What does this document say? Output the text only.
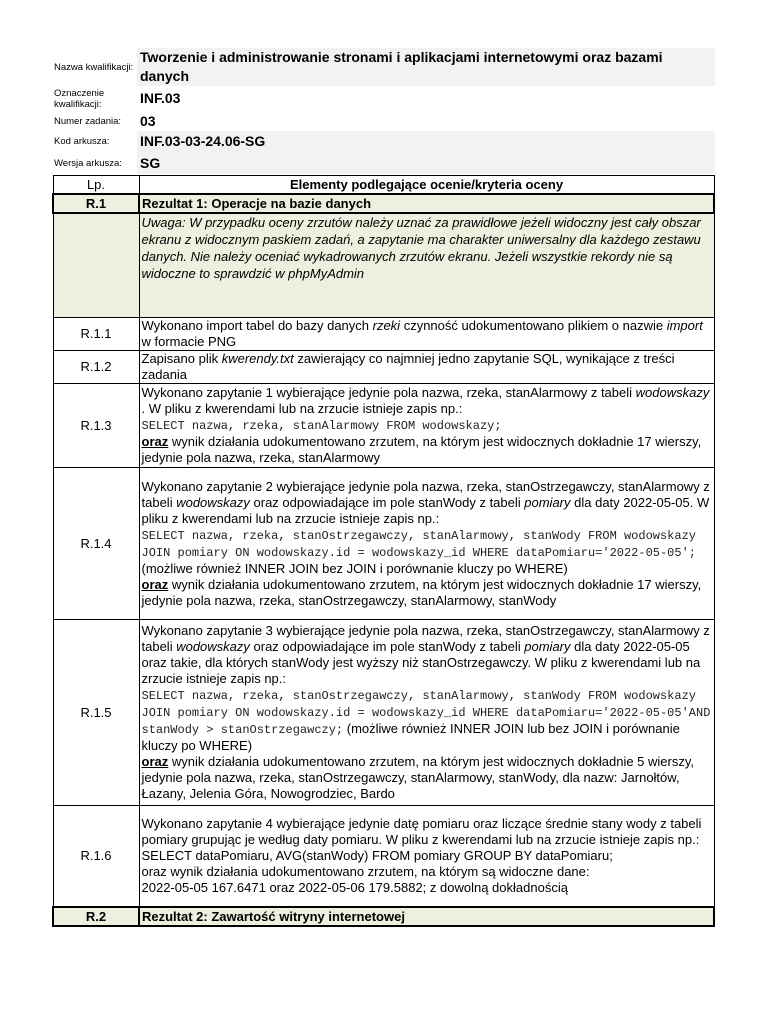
Nazwa kwalifikacji:	Tworzenie i administrowanie stronami i aplikacjami internetowymi oraz bazami danych
Oznaczenie kwalifikacji:	INF.03
Numer zadania:	03
Kod arkusza:	INF.03-03-24.06-SG
Wersja arkusza:	SG
Lp.	Elementy podlegające ocenie/kryteria oceny
R.1	Rezultat 1: Operacje na bazie danych
	Uwaga: W przypadku oceny zrzutów należy uznać za prawidłowe jeżeli widoczny jest cały obszar ekranu z widocznym paskiem zadań, a zapytanie ma charakter uniwersalny dla każdego zestawu danych. Nie należy oceniać wykadrowanych zrzutów ekranu. Jeżeli wszystkie rekordy nie są widoczne to sprawdzić w phpMyAdmin
R.1.1	Wykonano import tabel do bazy danych rzeki czynność udokumentowano plikiem o nazwie import w formacie PNG
R.1.2	Zapisano plik kwerendy.txt zawierający co najmniej jedno zapytanie SQL, wynikające z treści zadania
R.1.3	Wykonano zapytanie 1 wybierające jedynie pola nazwa, rzeka, stanAlarmowy z tabeli wodowskazy . W pliku z kwerendami lub na zrzucie istnieje zapis np.:
SELECT nazwa, rzeka, stanAlarmowy FROM wodowskazy;
oraz wynik działania udokumentowano zrzutem, na którym jest widocznych dokładnie 17 wierszy, jedynie pola nazwa, rzeka, stanAlarmowy
R.1.4	Wykonano zapytanie 2 wybierające jedynie pola nazwa, rzeka, stanOstrzegawczy, stanAlarmowy z tabeli wodowskazy oraz odpowiadające im pole stanWody z tabeli pomiary dla daty 2022-05-05. W pliku z kwerendami lub na zrzucie istnieje zapis np.:
SELECT nazwa, rzeka, stanOstrzegawczy, stanAlarmowy, stanWody FROM wodowskazy JOIN pomiary ON wodowskazy.id = wodowskazy_id WHERE dataPomiaru='2022-05-05'; (możliwe również INNER JOIN bez JOIN i porównanie kluczy po WHERE)
oraz wynik działania udokumentowano zrzutem, na którym jest widocznych dokładnie 17 wierszy, jedynie pola nazwa, rzeka, stanOstrzegawczy, stanAlarmowy, stanWody
R.1.5	Wykonano zapytanie 3 wybierające jedynie pola nazwa, rzeka, stanOstrzegawczy, stanAlarmowy z tabeli wodowskazy oraz odpowiadające im pole stanWody z tabeli pomiary dla daty 2022-05-05 oraz takie, dla których stanWody jest wyższy niż stanOstrzegawczy. W pliku z kwerendami lub na zrzucie istnieje zapis np.:
SELECT nazwa, rzeka, stanOstrzegawczy, stanAlarmowy, stanWody FROM wodowskazy JOIN pomiary ON wodowskazy.id = wodowskazy_id WHERE dataPomiaru='2022-05-05'AND stanWody > stanOstrzegawczy; (możliwe również INNER JOIN lub bez JOIN i porównanie kluczy po WHERE)
oraz wynik działania udokumentowano zrzutem, na którym jest widocznych dokładnie 5 wierszy, jedynie pola nazwa, rzeka, stanOstrzegawczy, stanAlarmowy, stanWody, dla nazw: Jarnołtów, Łazany, Jelenia Góra, Nowogrodziec, Bardo
R.1.6	Wykonano zapytanie 4 wybierające jedynie datę pomiaru oraz liczące średnie stany wody z tabeli pomiary grupując je według daty pomiaru. W pliku z kwerendami lub na zrzucie istnieje zapis np.:
SELECT dataPomiaru, AVG(stanWody) FROM pomiary GROUP BY dataPomiaru;
oraz wynik działania udokumentowano zrzutem, na którym są widoczne dane:
2022-05-05 167.6471 oraz 2022-05-06 179.5882; z dowolną dokładnością
R.2	Rezultat 2: Zawartość witryny internetowej
